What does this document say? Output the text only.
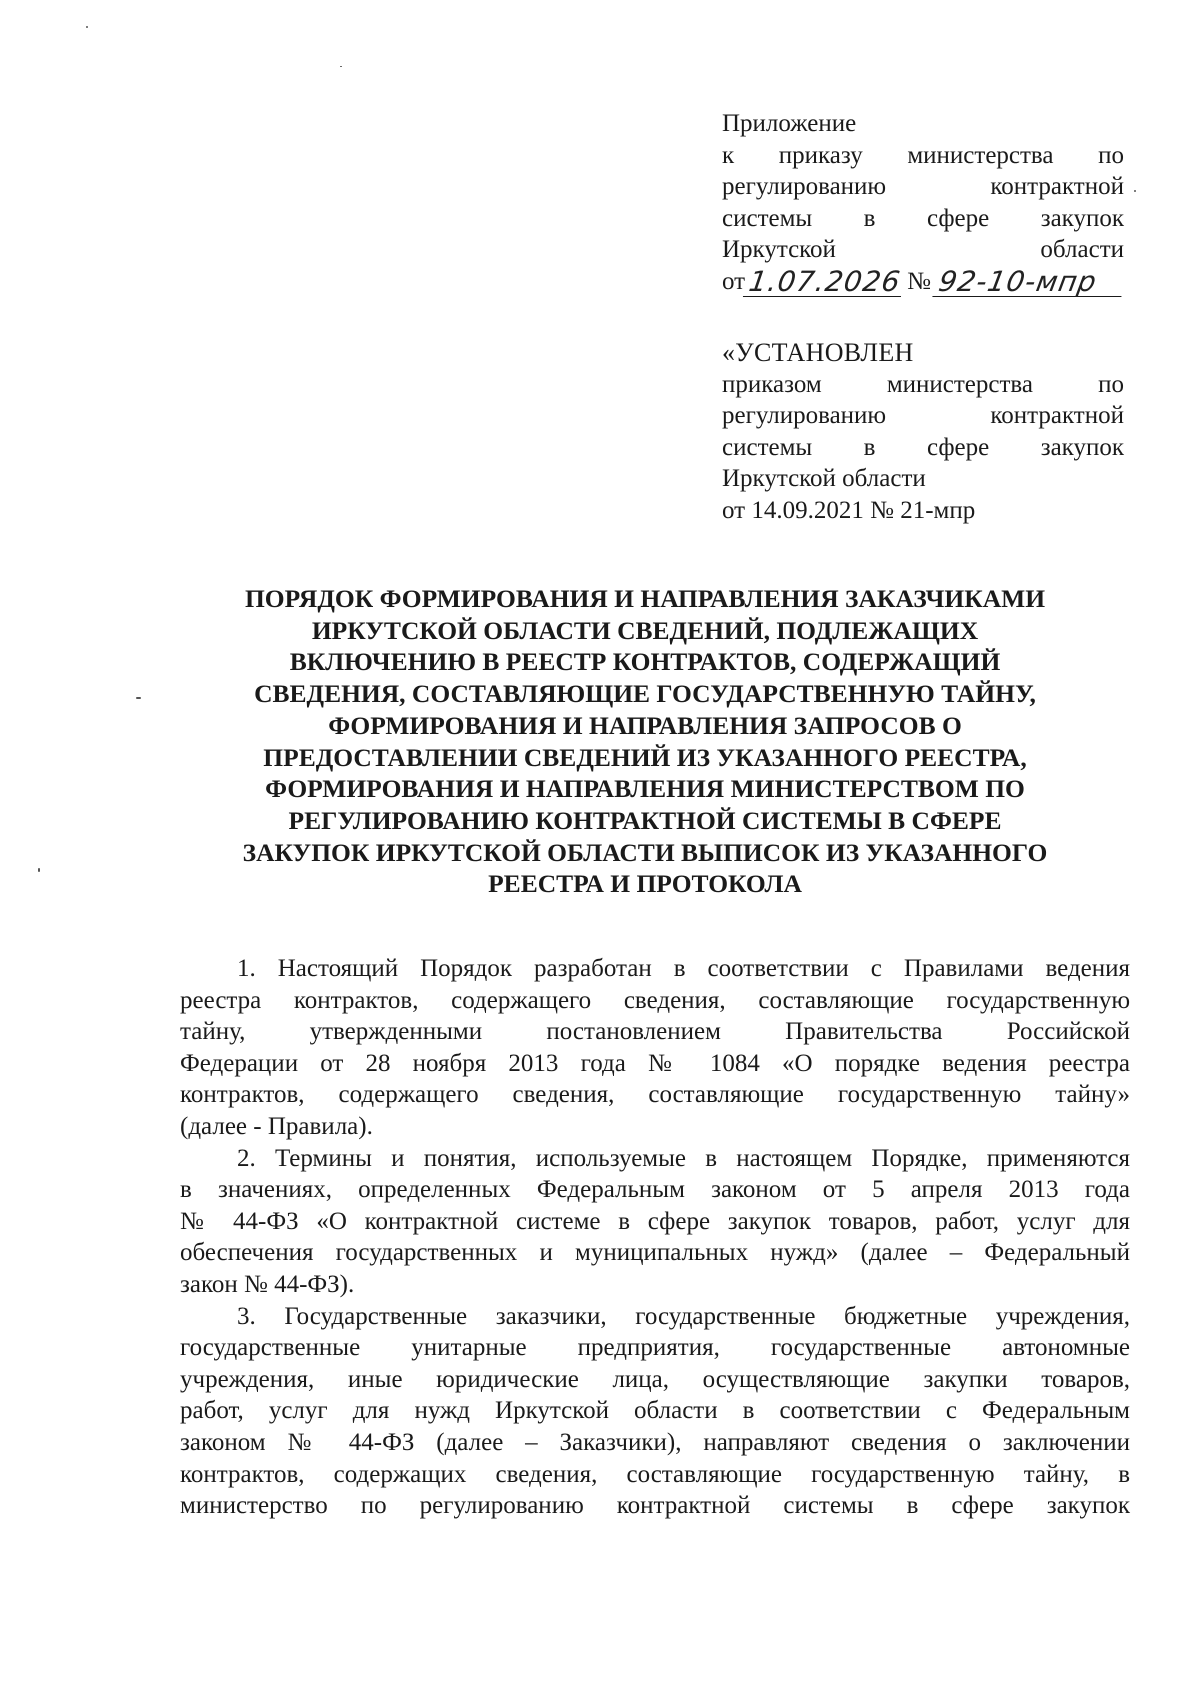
Приложение
к приказу министерства по
регулированию контрактной
системы в сфере закупок
Иркутской области
от 1.07.2026 № 92-10-мпр
«УСТАНОВЛЕН
приказом министерства по
регулированию контрактной
системы в сфере закупок
Иркутской области
от 14.09.2021 № 21-мпр
ПОРЯДОК ФОРМИРОВАНИЯ И НАПРАВЛЕНИЯ ЗАКАЗЧИКАМИ
ИРКУТСКОЙ ОБЛАСТИ СВЕДЕНИЙ, ПОДЛЕЖАЩИХ
ВКЛЮЧЕНИЮ В РЕЕСТР КОНТРАКТОВ, СОДЕРЖАЩИЙ
СВЕДЕНИЯ, СОСТАВЛЯЮЩИЕ ГОСУДАРСТВЕННУЮ ТАЙНУ,
ФОРМИРОВАНИЯ И НАПРАВЛЕНИЯ ЗАПРОСОВ О
ПРЕДОСТАВЛЕНИИ СВЕДЕНИЙ ИЗ УКАЗАННОГО РЕЕСТРА,
ФОРМИРОВАНИЯ И НАПРАВЛЕНИЯ МИНИСТЕРСТВОМ ПО
РЕГУЛИРОВАНИЮ КОНТРАКТНОЙ СИСТЕМЫ В СФЕРЕ
ЗАКУПОК ИРКУТСКОЙ ОБЛАСТИ ВЫПИСОК ИЗ УКАЗАННОГО
РЕЕСТРА И ПРОТОКОЛА
1. Настоящий Порядок разработан в соответствии с Правилами ведения
реестра контрактов, содержащего сведения, составляющие государственную
тайну, утвержденными постановлением Правительства Российской
Федерации от 28 ноября 2013 года № 1084 «О порядке ведения реестра
контрактов, содержащего сведения, составляющие государственную тайну»
(далее - Правила).
2. Термины и понятия, используемые в настоящем Порядке, применяются
в значениях, определенных Федеральным законом от 5 апреля 2013 года
№ 44-ФЗ «О контрактной системе в сфере закупок товаров, работ, услуг для
обеспечения государственных и муниципальных нужд» (далее – Федеральный
закон № 44-ФЗ).
3. Государственные заказчики, государственные бюджетные учреждения,
государственные унитарные предприятия, государственные автономные
учреждения, иные юридические лица, осуществляющие закупки товаров,
работ, услуг для нужд Иркутской области в соответствии с Федеральным
законом № 44-ФЗ (далее – Заказчики), направляют сведения о заключении
контрактов, содержащих сведения, составляющие государственную тайну, в
министерство по регулированию контрактной системы в сфере закупок
